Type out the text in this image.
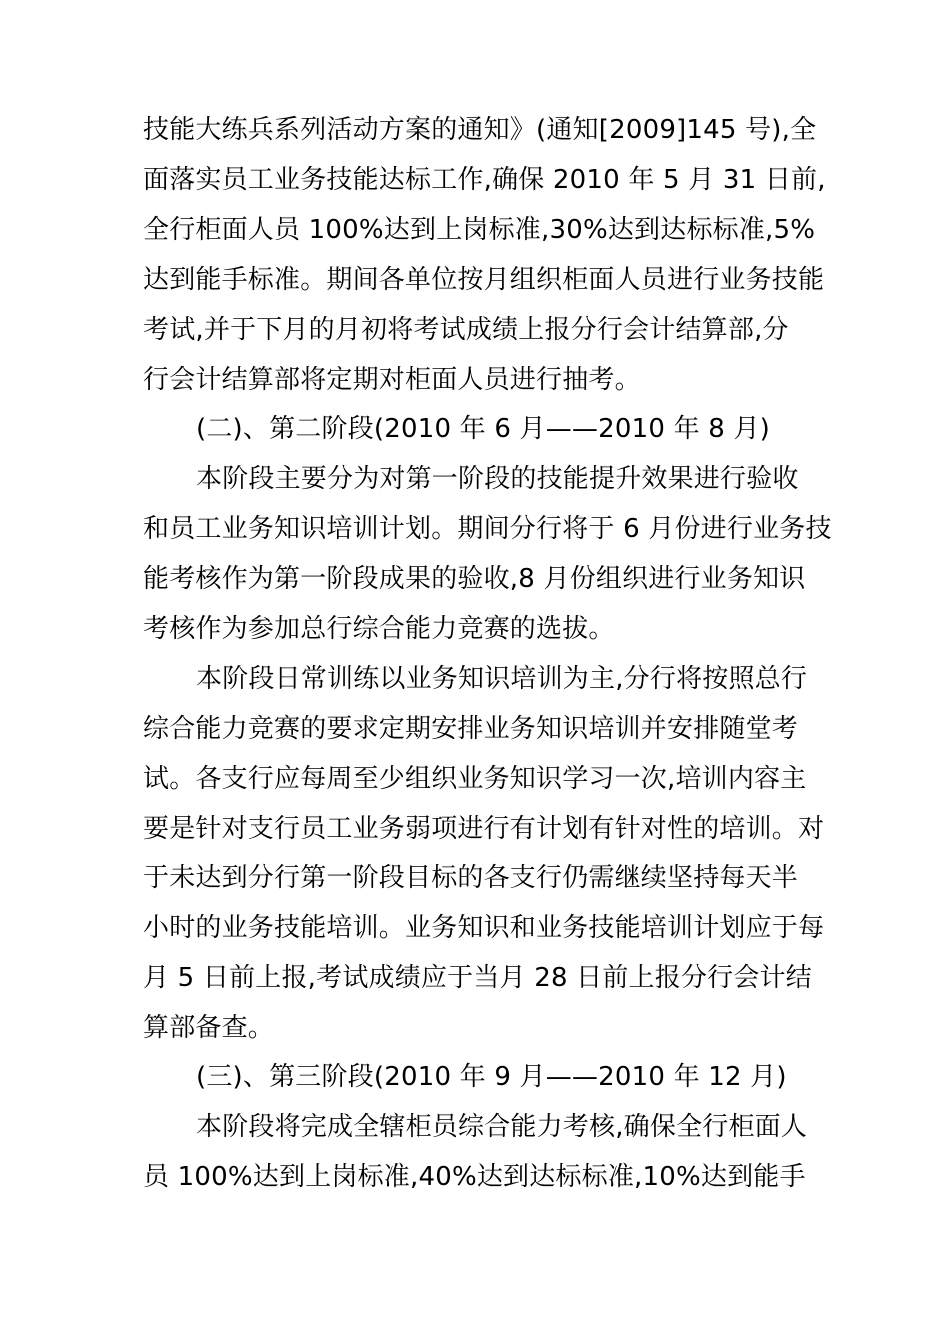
技能大练兵系列活动方案的通知》(通知[2009]145 号),全
面落实员工业务技能达标工作,确保 2010 年 5 月 31 日前,
全行柜面人员 100%达到上岗标准,30%达到达标标准,5%
达到能手标准。期间各单位按月组织柜面人员进行业务技能
考试,并于下月的月初将考试成绩上报分行会计结算部,分
行会计结算部将定期对柜面人员进行抽考。
(二)、第二阶段(2010 年 6 月——2010 年 8 月)
本阶段主要分为对第一阶段的技能提升效果进行验收
和员工业务知识培训计划。期间分行将于 6 月份进行业务技
能考核作为第一阶段成果的验收,8 月份组织进行业务知识
考核作为参加总行综合能力竞赛的选拔。
本阶段日常训练以业务知识培训为主,分行将按照总行
综合能力竞赛的要求定期安排业务知识培训并安排随堂考
试。各支行应每周至少组织业务知识学习一次,培训内容主
要是针对支行员工业务弱项进行有计划有针对性的培训。对
于未达到分行第一阶段目标的各支行仍需继续坚持每天半
小时的业务技能培训。业务知识和业务技能培训计划应于每
月 5 日前上报,考试成绩应于当月 28 日前上报分行会计结
算部备查。
(三)、第三阶段(2010 年 9 月——2010 年 12 月)
本阶段将完成全辖柜员综合能力考核,确保全行柜面人
员 100%达到上岗标准,40%达到达标标准,10%达到能手
